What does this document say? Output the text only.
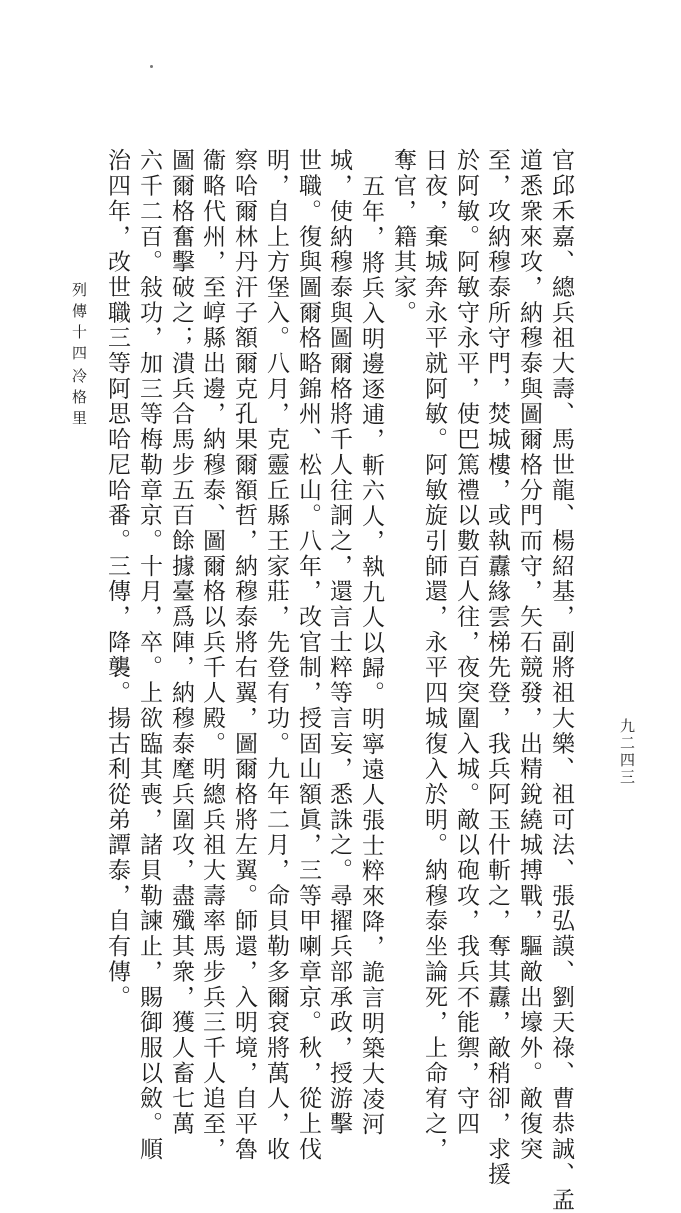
列傳十四
冷格里	官邱禾嘉、總兵祖大壽、馬世龍、楊紹基，副將祖大樂、祖可法、張弘謨、劉天祿、曹恭誠、孟
道悉衆來攻，納穆泰與圖爾格分門而守，矢石競發，出精銳繞城搏戰，驅敵出壕外。敵復突
至，攻納穆泰所守門，焚城樓，或執纛緣雲梯先登，我兵阿玉什斬之，奪其纛，敵稍卻，求援
於阿敏。阿敏守永平，使巴篤禮以數百人往，夜突圍入城。敵以砲攻，我兵不能禦，守四
日夜，棄城奔永平就阿敏。阿敏旋引師還，永平四城復入於明。納穆泰坐論死，上命宥之，
奪官，籍其家。
五年，將兵入明邊逐逋，斬六人，執九人以歸。明寧遠人張士粹來降，詭言明築大凌河
城，使納穆泰與圖爾格將千人往詗之，還言士粹等言妄，悉誅之。尋擢兵部承政，授游擊
世職。復與圖爾格略錦州、松山。八年，改官制，授固山額眞，三等甲喇章京。秋，從上伐
明，自上方堡入。八月，克靈丘縣王家莊，先登有功。九年二月，命貝勒多爾袞將萬人，收
察哈爾林丹汗子額爾克孔果爾額哲，納穆泰將右翼，圖爾格將左翼。師還，入明境，自平魯
衞略代州，至崞縣出邊，納穆泰、圖爾格以兵千人殿。明總兵祖大壽率馬步兵三千人追至，
圖爾格奮擊破之；潰兵合馬步五百餘據臺爲陣，納穆泰麾兵圍攻，盡殲其衆，獲人畜七萬
六千二百。敍功，加三等梅勒章京。十月，卒。上欲臨其喪，諸貝勒諫止，賜御服以斂。順
治四年，改世職三等阿思哈尼哈番。三傳，降襲。揚古利從弟譚泰，自有傳。	九二四三
